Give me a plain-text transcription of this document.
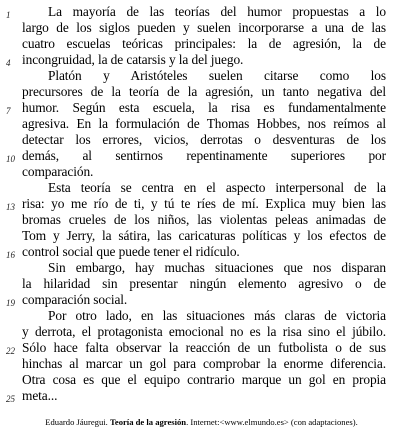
La mayoría de las teorías del humor propuestas a lo
largo de los siglos pueden y suelen incorporarse a una de las
cuatro escuelas teóricas principales: la de agresión, la de
incongruidad, la de catarsis y la del juego.
Platón y Aristóteles suelen citarse como los
precursores de la teoría de la agresión, un tanto negativa del
humor. Según esta escuela, la risa es fundamentalmente
agresiva. En la formulación de Thomas Hobbes, nos reímos al
detectar los errores, vicios, derrotas o desventuras de los
demás, al sentirnos repentinamente superiores por
comparación.
Esta teoría se centra en el aspecto interpersonal de la
risa: yo me río de ti, y tú te ríes de mí. Explica muy bien las
bromas crueles de los niños, las violentas peleas animadas de
Tom y Jerry, la sátira, las caricaturas políticas y los efectos de
control social que puede tener el ridículo.
Sin embargo, hay muchas situaciones que nos disparan
la hilaridad sin presentar ningún elemento agresivo o de
comparación social.
Por otro lado, en las situaciones más claras de victoria
y derrota, el protagonista emocional no es la risa sino el júbilo.
Sólo hace falta observar la reacción de un futbolista o de sus
hinchas al marcar un gol para comprobar la enorme diferencia.
Otra cosa es que el equipo contrario marque un gol en propia
meta...
1
4
7
10
13
16
19
22
25
Eduardo Jáuregui. Teoría de la agresión. Internet:<www.elmundo.es> (con adaptaciones).
